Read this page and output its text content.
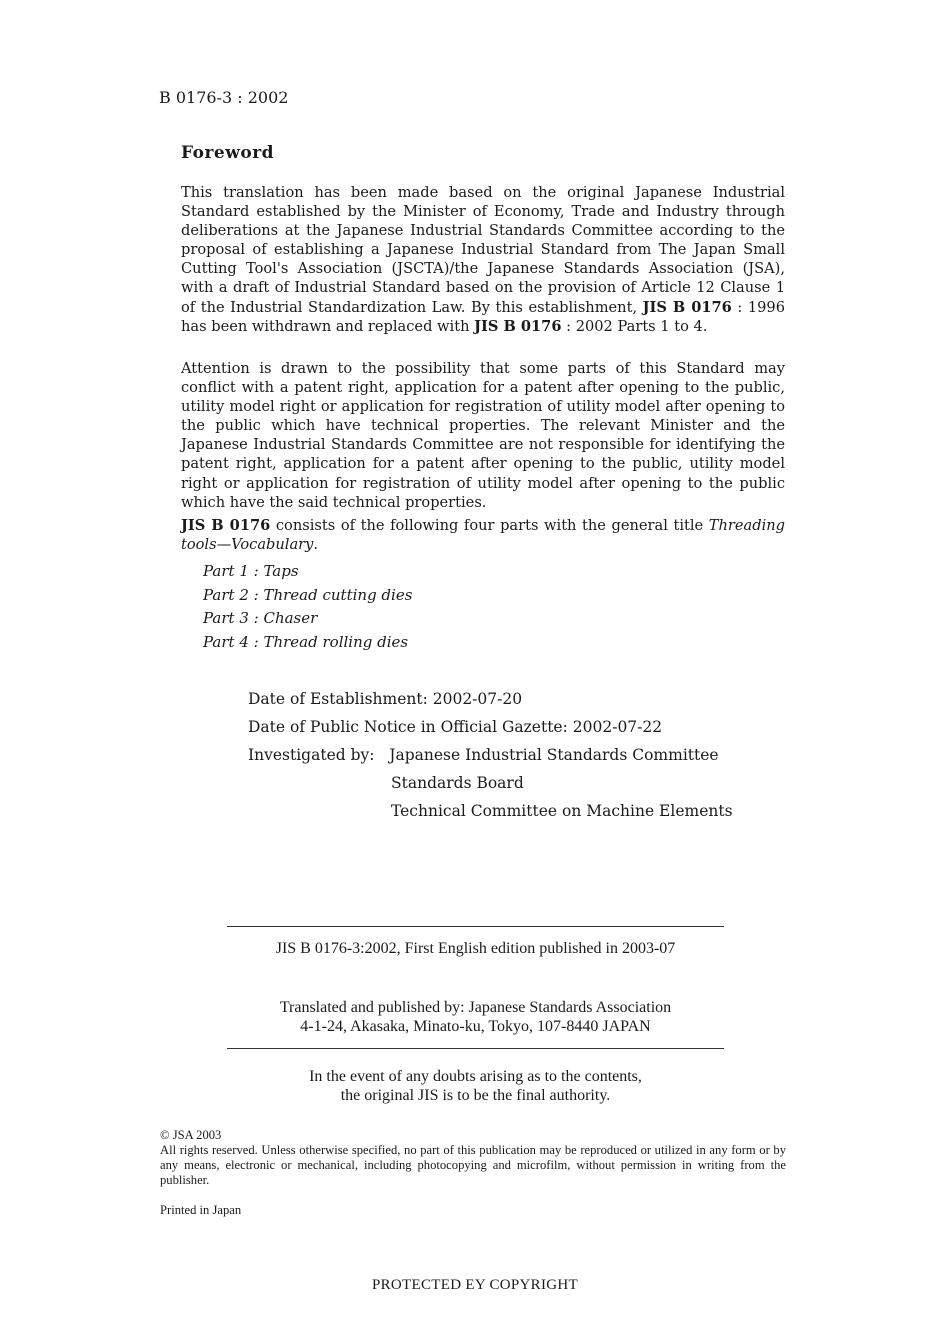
B 0176-3 : 2002
Foreword
This translation has been made based on the original Japanese Industrial Standard established by the Minister of Economy, Trade and Industry through deliberations at the Japanese Industrial Standards Committee according to the proposal of establishing a Japanese Industrial Standard from The Japan Small Cutting Tool's Association (JSCTA)/the Japanese Standards Association (JSA), with a draft of Industrial Standard based on the provision of Article 12 Clause 1 of the Industrial Standardization Law. By this establishment, JIS B 0176 : 1996 has been withdrawn and replaced with JIS B 0176 : 2002 Parts 1 to 4.
Attention is drawn to the possibility that some parts of this Standard may conflict with a patent right, application for a patent after opening to the public, utility model right or application for registration of utility model after opening to the public which have technical properties. The relevant Minister and the Japanese Industrial Standards Committee are not responsible for identifying the patent right, application for a patent after opening to the public, utility model right or application for registration of utility model after opening to the public which have the said technical properties.
JIS B 0176 consists of the following four parts with the general title Threading tools—Vocabulary.
Part 1 : Taps
Part 2 : Thread cutting dies
Part 3 : Chaser
Part 4 : Thread rolling dies
Date of Establishment: 2002-07-20
Date of Public Notice in Official Gazette: 2002-07-22
Investigated by: Japanese Industrial Standards Committee
Standards Board
Technical Committee on Machine Elements
JIS B 0176-3:2002, First English edition published in 2003-07
Translated and published by: Japanese Standards Association
4-1-24, Akasaka, Minato-ku, Tokyo, 107-8440 JAPAN
In the event of any doubts arising as to the contents,
the original JIS is to be the final authority.

© JSA 2003

All rights reserved. Unless otherwise specified, no part of this publication may be reproduced or utilized in any form or by any means, electronic or mechanical, including photocopying and microfilm, without permission in writing from the publisher.

Printed in Japan
PROTECTED EY COPYRIGHT
